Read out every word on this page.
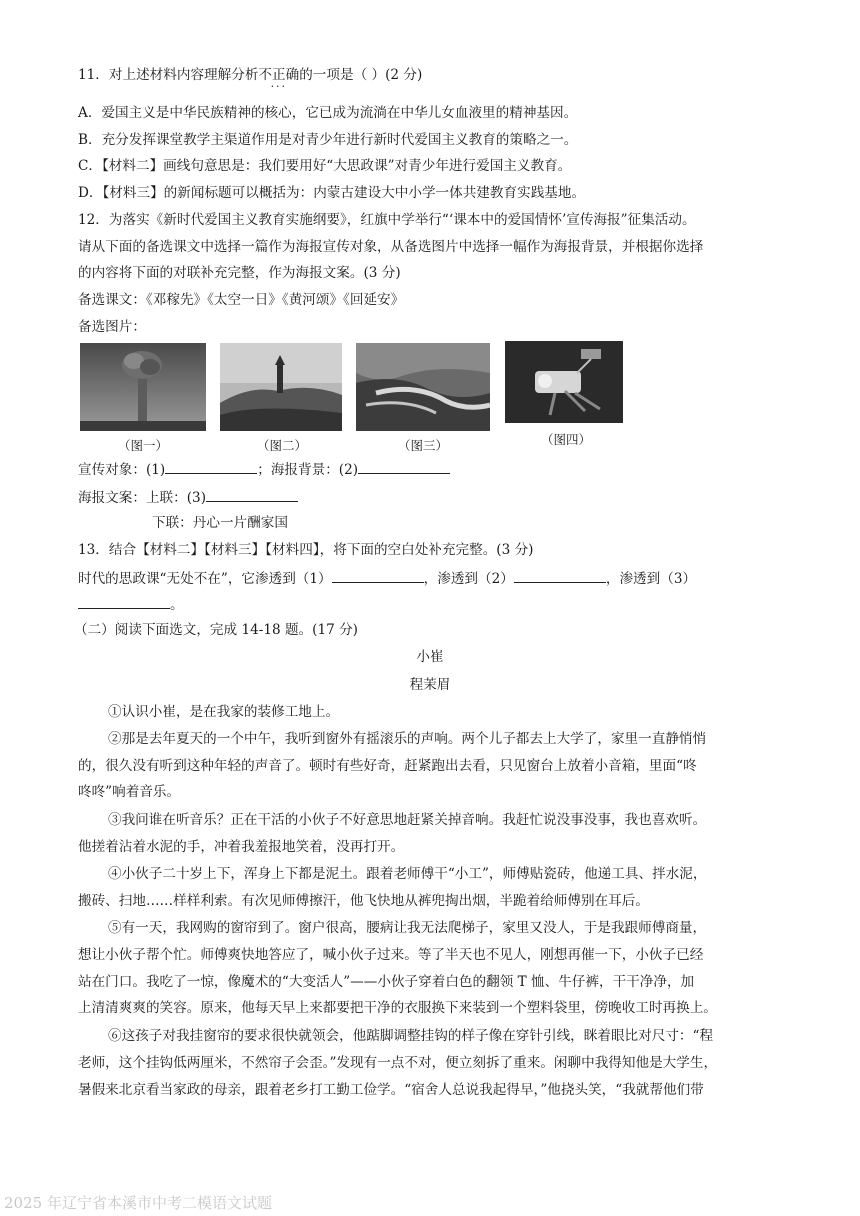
11．对上述材料内容理解分析不正确 ···的一项是（ ）(2 分)
A．爱国主义是中华民族精神的核心，它已成为流淌在中华儿女血液里的精神基因。
B．充分发挥课堂教学主渠道作用是对青少年进行新时代爱国主义教育的策略之一。
C．【材料二】画线句意思是：我们要用好“大思政课”对青少年进行爱国主义教育。
D．【材料三】的新闻标题可以概括为：内蒙古建设大中小学一体共建教育实践基地。
12．为落实《新时代爱国主义教育实施纲要》，红旗中学举行“‘课本中的爱国情怀’宣传海报”征集活动。
请从下面的备选课文中选择一篇作为海报宣传对象，从备选图片中选择一幅作为海报背景，并根据你选择
的内容将下面的对联补充完整，作为海报文案。(3 分)
备选课文：《邓稼先》《太空一日》《黄河颂》《回延安》
备选图片：
（图一）	（图二）	（图三）	（图四）
宣传对象：(1)	；海报背景：(2)
海报文案：上联：(3)
下联：丹心一片酬家国
13．结合【材料二】【材料三】【材料四】，将下面的空白处补充完整。(3 分)
时代的思政课“无处不在”，它渗透到（1）	，渗透到（2）	，渗透到（3）
。
（二）阅读下面选文，完成 14-18 题。(17 分)
小崔
程茉眉
①认识小崔，是在我家的装修工地上。
②那是去年夏天的一个中午，我听到窗外有摇滚乐的声响。两个儿子都去上大学了，家里一直静悄悄
的，很久没有听到这种年轻的声音了。顿时有些好奇，赶紧跑出去看，只见窗台上放着小音箱，里面“咚
咚咚”响着音乐。
③我问谁在听音乐？正在干活的小伙子不好意思地赶紧关掉音响。我赶忙说没事没事，我也喜欢听。
他搓着沾着水泥的手，冲着我羞报地笑着，没再打开。
④小伙子二十岁上下，浑身上下都是泥土。跟着老师傅干“小工”，师傅贴瓷砖，他递工具、拌水泥，
搬砖、扫地……样样利索。有次见师傅擦汗，他飞快地从裤兜掏出烟，半跪着给师傅别在耳后。
⑤有一天，我网购的窗帘到了。窗户很高，腰病让我无法爬梯子，家里又没人，于是我跟师傅商量，
想让小伙子帮个忙。师傅爽快地答应了，喊小伙子过来。等了半天也不见人，刚想再催一下，小伙子已经
站在门口。我吃了一惊，像魔术的“大变活人”——小伙子穿着白色的翻领 T 恤、牛仔裤，干干净净，加
上清清爽爽的笑容。原来，他每天早上来都要把干净的衣服换下来装到一个塑料袋里，傍晚收工时再换上。
⑥这孩子对我挂窗帘的要求很快就领会，他踮脚调整挂钩的样子像在穿针引线，眯着眼比对尺寸：“程
老师，这个挂钩低两厘米，不然帘子会歪。”发现有一点不对，便立刻拆了重来。闲聊中我得知他是大学生，
暑假来北京看当家政的母亲，跟着老乡打工勤工俭学。“宿舍人总说我起得早，”他挠头笑，“我就帮他们带
2025 年辽宁省本溪市中考二模语文试题
